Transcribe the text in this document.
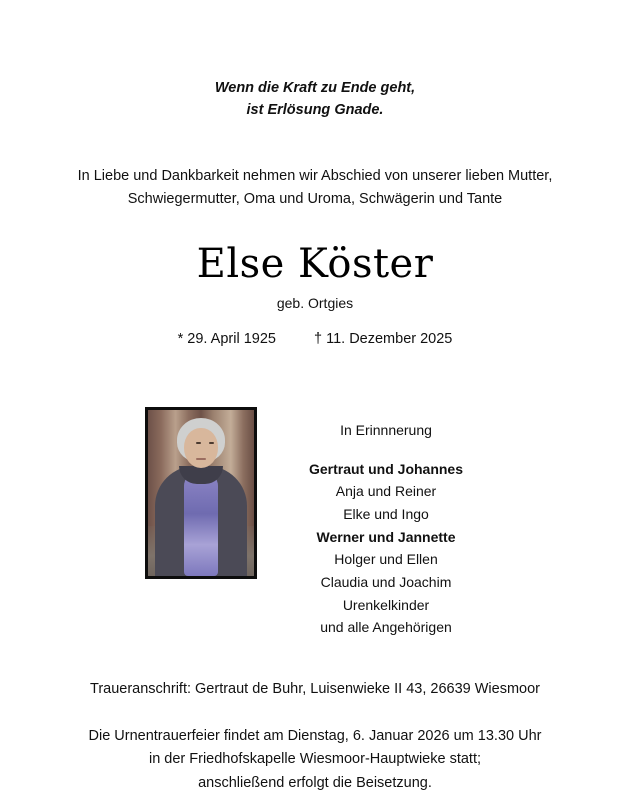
Wenn die Kraft zu Ende geht,
ist Erlösung Gnade.
In Liebe und Dankbarkeit nehmen wir Abschied von unserer lieben Mutter,
Schwiegermutter, Oma und Uroma, Schwägerin und Tante
Else Köster
geb. Ortgies
* 29. April 1925	† 11. Dezember 2025
In Erinnnerung
Gertraut und Johannes
Anja und Reiner
Elke und Ingo
Werner und Jannette
Holger und Ellen
Claudia und Joachim
Urenkelkinder
und alle Angehörigen
Traueranschrift: Gertraut de Buhr, Luisenwieke II 43, 26639 Wiesmoor
Die Urnentrauerfeier findet am Dienstag, 6. Januar 2026 um 13.30 Uhr
in der Friedhofskapelle Wiesmoor-Hauptwieke statt;
anschließend erfolgt die Beisetzung.
